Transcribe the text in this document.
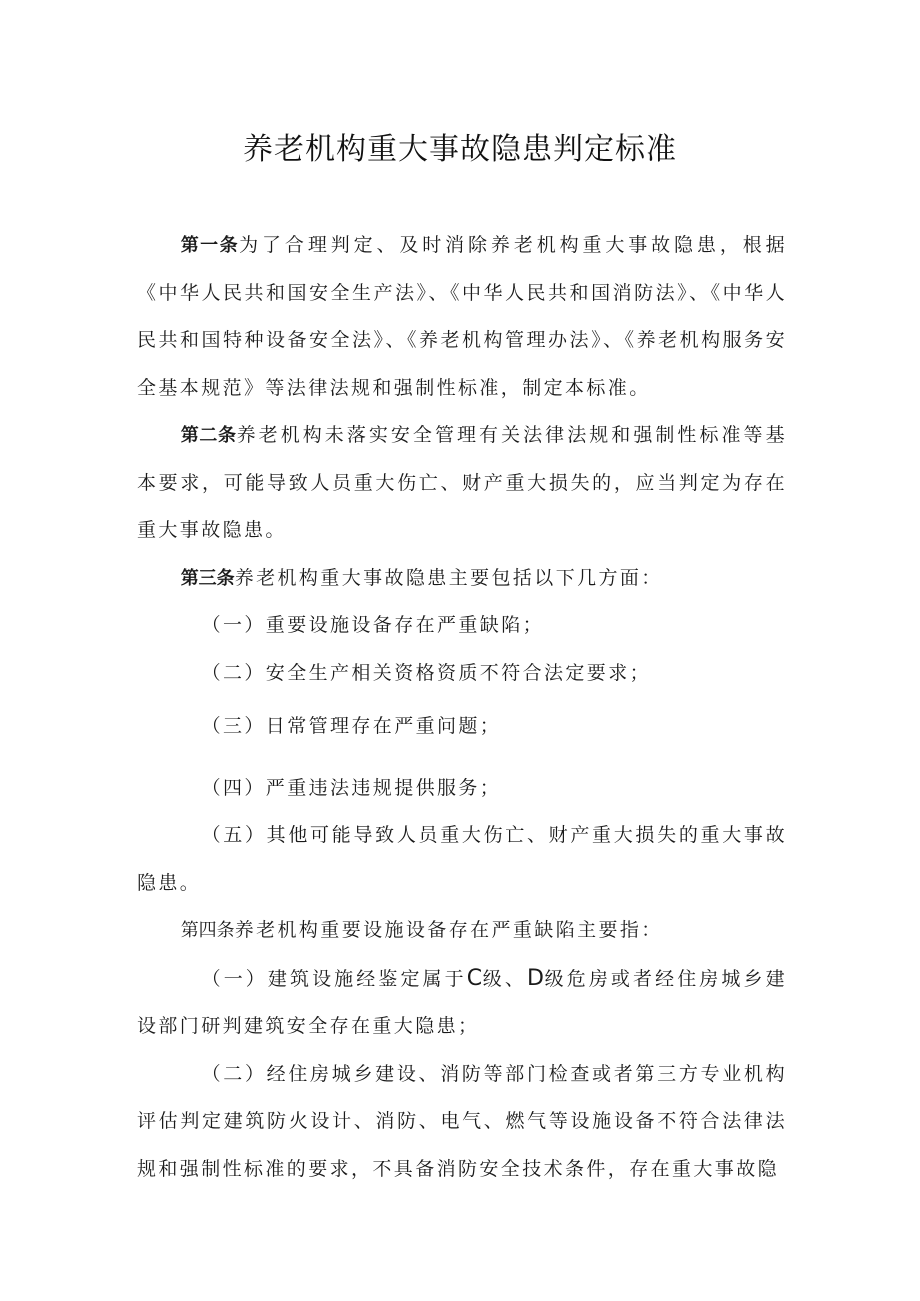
养老机构重大事故隐患判定标准

第一条为了合理判定、及时消除养老机构重大事故隐患，根据《中华人民共和国安全生产法》、《中华人民共和国消防法》、《中华人民共和国特种设备安全法》、《养老机构管理办法》、《养老机构服务安全基本规范》等法律法规和强制性标准，制定本标准。

第二条养老机构未落实安全管理有关法律法规和强制性标准等基本要求，可能导致人员重大伤亡、财产重大损失的，应当判定为存在重大事故隐患。

第三条养老机构重大事故隐患主要包括以下几方面：

（一）重要设施设备存在严重缺陷；

（二）安全生产相关资格资质不符合法定要求；

（三）日常管理存在严重问题；

（四）严重违法违规提供服务；

（五）其他可能导致人员重大伤亡、财产重大损失的重大事故隐患。

第四条养老机构重要设施设备存在严重缺陷主要指：

（一）建筑设施经鉴定属于C级、D级危房或者经住房城乡建设部门研判建筑安全存在重大隐患；

（二）经住房城乡建设、消防等部门检查或者第三方专业机构评估判定建筑防火设计、消防、电气、燃气等设施设备不符合法律法规和强制性标准的要求，不具备消防安全技术条件，存在重大事故隐
